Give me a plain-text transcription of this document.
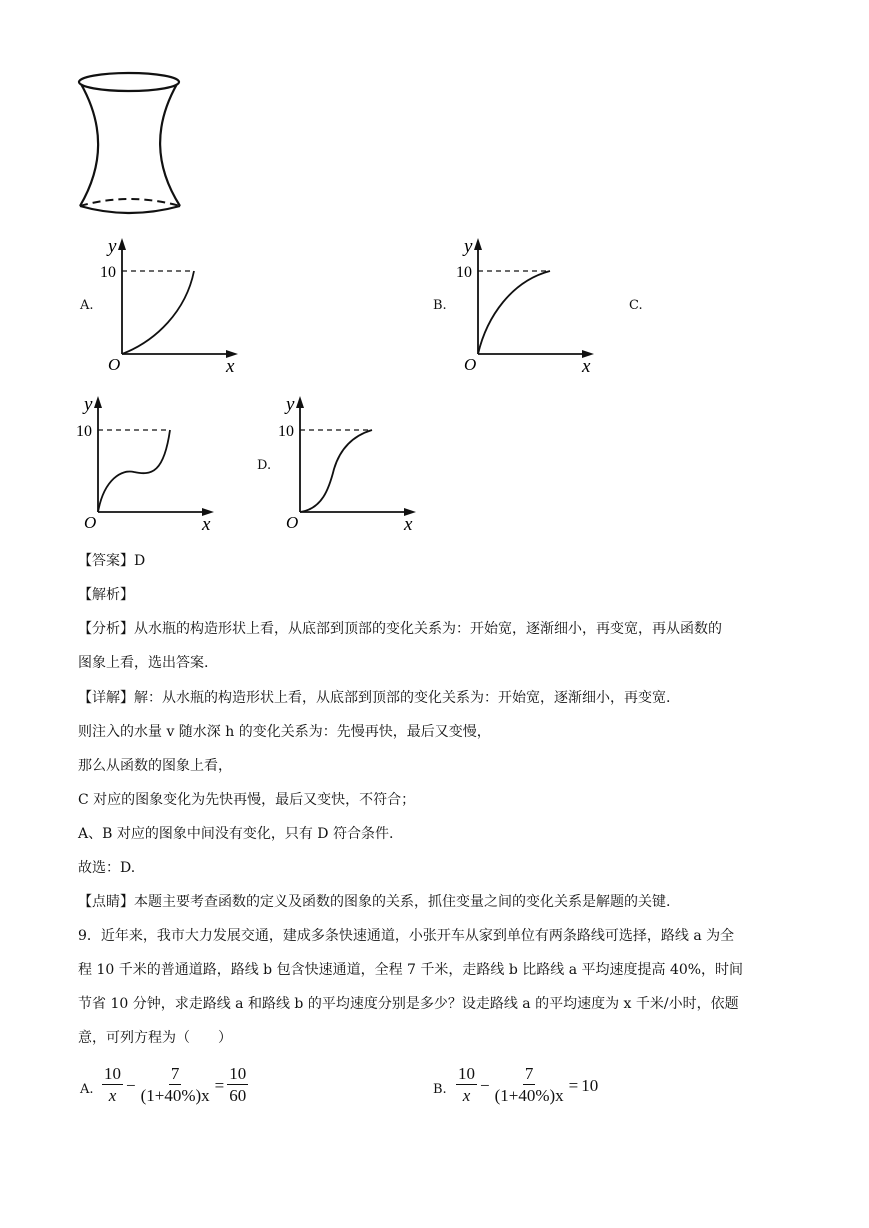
A.	B.	C.
y
10
O	x
y
10
O	x
y
10
O	x
D.
y
10
O	x
【答案】D
【解析】
【分析】从水瓶的构造形状上看，从底部到顶部的变化关系为：开始宽，逐渐细小，再变宽，再从函数的
图象上看，选出答案.
【详解】解：从水瓶的构造形状上看，从底部到顶部的变化关系为：开始宽，逐渐细小，再变宽.
则注入的水量 v 随水深 h 的变化关系为：先慢再快，最后又变慢，
那么从函数的图象上看，
C 对应的图象变化为先快再慢，最后又变快，不符合；
A、B 对应的图象中间没有变化，只有 D 符合条件.
故选：D.
【点睛】本题主要考查函数的定义及函数的图象的关系，抓住变量之间的变化关系是解题的关键.
9．近年来，我市大力发展交通，建成多条快速通道，小张开车从家到单位有两条路线可选择，路线 a 为全
程 10 千米的普通道路，路线 b 包含快速通道，全程 7 千米，走路线 b 比路线 a 平均速度提高 40%，时间
节省 10 分钟，求走路线 a 和路线 b 的平均速度分别是多少？设走路线 a 的平均速度为 x 千米/小时，依题
意，可列方程为（　　）
A. $\frac{10}{x} - \frac{7}{(1+40\%)x} = \frac{10}{60}$	B. $\frac{10}{x} - \frac{7}{(1+40\%)x} = 10$
